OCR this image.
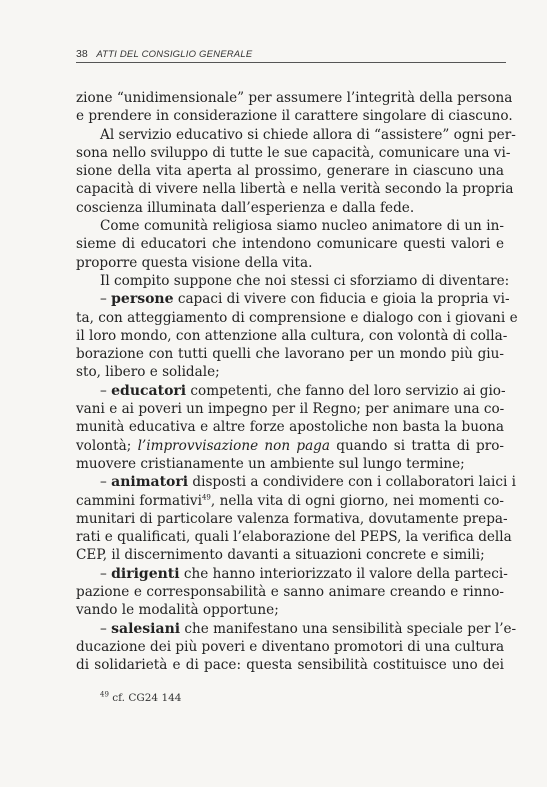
38 ATTI DEL CONSIGLIO GENERALE
zione “unidimensionale” per assumere l’integrità della persona
e prendere in considerazione il carattere singolare di ciascuno.
Al servizio educativo si chiede allora di “assistere” ogni per-
sona nello sviluppo di tutte le sue capacità, comunicare una vi-
sione della vita aperta al prossimo, generare in ciascuno una
capacità di vivere nella libertà e nella verità secondo la propria
coscienza illuminata dall’esperienza e dalla fede.
Come comunità religiosa siamo nucleo animatore di un in-
sieme di educatori che intendono comunicare questi valori e
proporre questa visione della vita.
Il compito suppone che noi stessi ci sforziamo di diventare:
– persone capaci di vivere con fiducia e gioia la propria vi-
ta, con atteggiamento di comprensione e dialogo con i giovani e
il loro mondo, con attenzione alla cultura, con volontà di colla-
borazione con tutti quelli che lavorano per un mondo più giu-
sto, libero e solidale;
– educatori competenti, che fanno del loro servizio ai gio-
vani e ai poveri un impegno per il Regno; per animare una co-
munità educativa e altre forze apostoliche non basta la buona
volontà; l’improvvisazione non paga quando si tratta di pro-
muovere cristianamente un ambiente sul lungo termine;
– animatori disposti a condividere con i collaboratori laici i
cammini formativi$^{49}$, nella vita di ogni giorno, nei momenti co-
munitari di particolare valenza formativa, dovutamente prepa-
rati e qualificati, quali l’elaborazione del PEPS, la verifica della
CEP, il discernimento davanti a situazioni concrete e simili;
– dirigenti che hanno interiorizzato il valore della parteci-
pazione e corresponsabilità e sanno animare creando e rinno-
vando le modalità opportune;
– salesiani che manifestano una sensibilità speciale per l’e-
ducazione dei più poveri e diventano promotori di una cultura
di solidarietà e di pace: questa sensibilità costituisce uno dei
$^{49}$ cf. CG24 144
